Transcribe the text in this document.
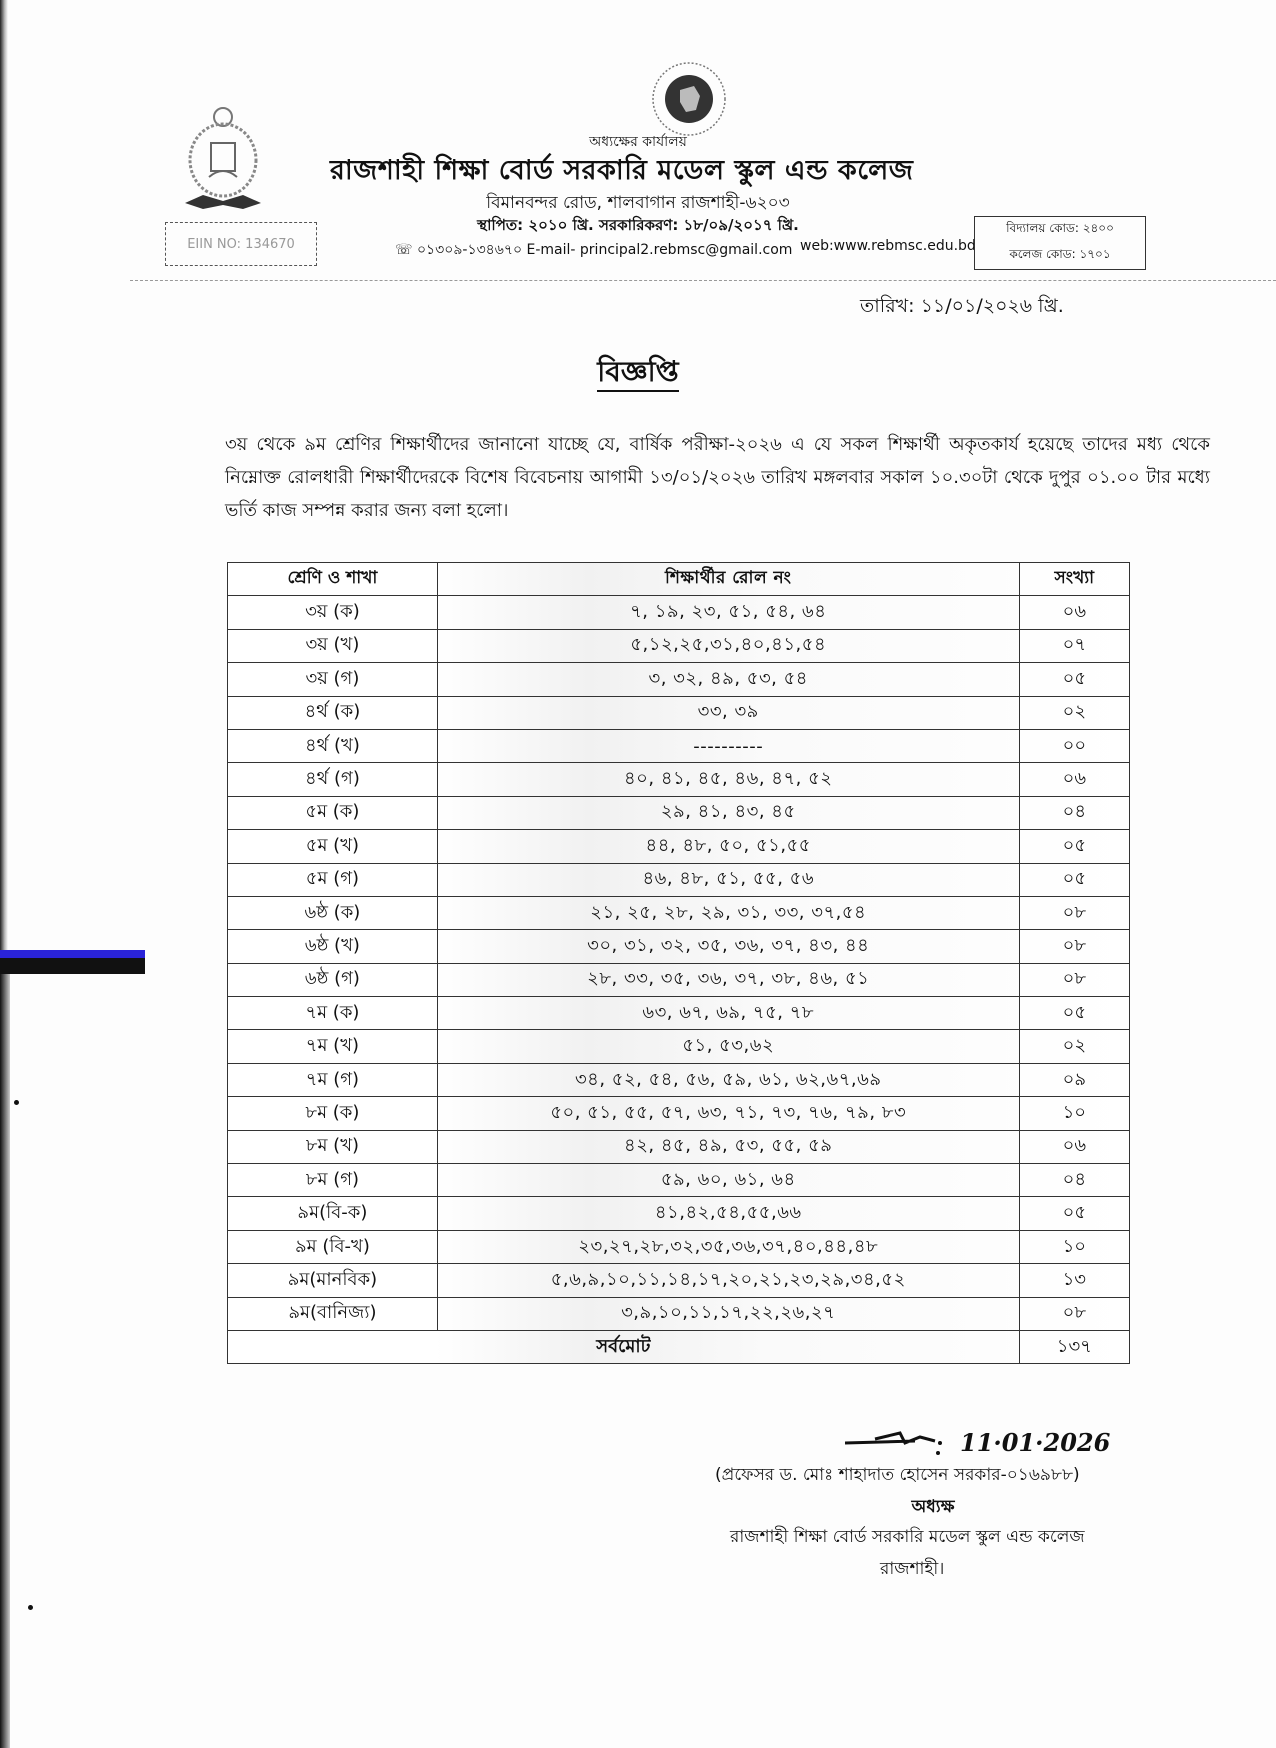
অধ্যক্ষের কার্যালয়
রাজশাহী শিক্ষা বোর্ড সরকারি মডেল স্কুল এন্ড কলেজ
বিমানবন্দর রোড, শালবাগান রাজশাহী-৬২০৩
স্থাপিত: ২০১০ খ্রি. সরকারিকরণ: ১৮/০৯/২০১৭ খ্রি.
☏ ০১৩০৯-১৩৪৬৭০ E-mail- principal2.rebmsc@gmail.com web:www.rebmsc.edu.bd
EIIN NO: 134670
বিদ্যালয় কোড: ২৪০০
কলেজ কোড: ১৭০১
তারিখ: ১১/০১/২০২৬ খ্রি.
বিজ্ঞপ্তি
৩য় থেকে ৯ম শ্রেণির শিক্ষার্থীদের জানানো যাচ্ছে যে, বার্ষিক পরীক্ষা-২০২৬ এ যে সকল শিক্ষার্থী অকৃতকার্য হয়েছে তাদের মধ্য থেকে নিম্নোক্ত রোলধারী শিক্ষার্থীদেরকে বিশেষ বিবেচনায় আগামী ১৩/০১/২০২৬ তারিখ মঙ্গলবার সকাল ১০.৩০টা থেকে দুপুর ০১.০০ টার মধ্যে ভর্তি কাজ সম্পন্ন করার জন্য বলা হলো।
শ্রেণি ও শাখা	শিক্ষার্থীর রোল নং	সংখ্যা
৩য় (ক)	৭, ১৯, ২৩, ৫১, ৫৪, ৬৪	০৬
৩য় (খ)	৫,১২,২৫,৩১,৪০,৪১,৫৪	০৭
৩য় (গ)	৩, ৩২, ৪৯, ৫৩, ৫৪	০৫
৪র্থ (ক)	৩৩, ৩৯	০২
৪র্থ (খ)	----------	০০
৪র্থ (গ)	৪০, ৪১, ৪৫, ৪৬, ৪৭, ৫২	০৬
৫ম (ক)	২৯, ৪১, ৪৩, ৪৫	০৪
৫ম (খ)	৪৪, ৪৮, ৫০, ৫১,৫৫	০৫
৫ম (গ)	৪৬, ৪৮, ৫১, ৫৫, ৫৬	০৫
৬ষ্ঠ (ক)	২১, ২৫, ২৮, ২৯, ৩১, ৩৩, ৩৭,৫৪	০৮
৬ষ্ঠ (খ)	৩০, ৩১, ৩২, ৩৫, ৩৬, ৩৭, ৪৩, ৪৪	০৮
৬ষ্ঠ (গ)	২৮, ৩৩, ৩৫, ৩৬, ৩৭, ৩৮, ৪৬, ৫১	০৮
৭ম (ক)	৬৩, ৬৭, ৬৯, ৭৫, ৭৮	০৫
৭ম (খ)	৫১, ৫৩,৬২	০২
৭ম (গ)	৩৪, ৫২, ৫৪, ৫৬, ৫৯, ৬১, ৬২,৬৭,৬৯	০৯
৮ম (ক)	৫০, ৫১, ৫৫, ৫৭, ৬৩, ৭১, ৭৩, ৭৬, ৭৯, ৮৩	১০
৮ম (খ)	৪২, ৪৫, ৪৯, ৫৩, ৫৫, ৫৯	০৬
৮ম (গ)	৫৯, ৬০, ৬১, ৬৪	০৪
৯ম(বি-ক)	৪১,৪২,৫৪,৫৫,৬৬	০৫
৯ম (বি-খ)	২৩,২৭,২৮,৩২,৩৫,৩৬,৩৭,৪০,৪৪,৪৮	১০
৯ম(মানবিক)	৫,৬,৯,১০,১১,১৪,১৭,২০,২১,২৩,২৯,৩৪,৫২	১৩
৯ম(বানিজ্য)	৩,৯,১০,১১,১৭,২২,২৬,২৭	০৮
সর্বমোট		১৩৭
11·01·2026
(প্রফেসর ড. মোঃ শাহাদাত হোসেন সরকার-০১৬৯৮৮)
অধ্যক্ষ
রাজশাহী শিক্ষা বোর্ড সরকারি মডেল স্কুল এন্ড কলেজ
রাজশাহী।
